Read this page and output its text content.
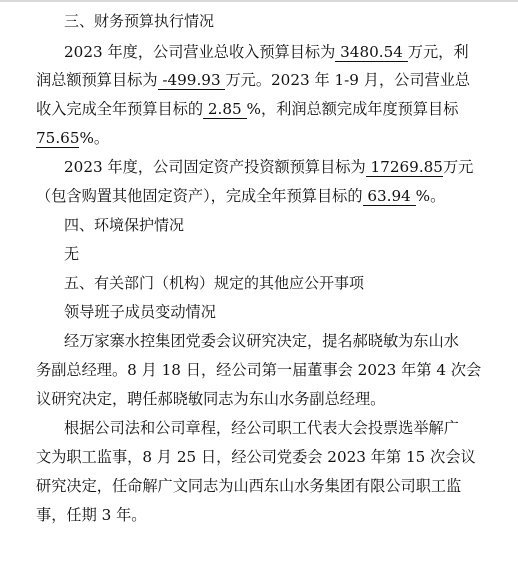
三、财务预算执行情况
2023 年度，公司营业总收入预算目标为 3480.54 万元，利
润总额预算目标为 -499.93 万元。2023 年 1-9 月，公司营业总
收入完成全年预算目标的 2.85 %，利润总额完成年度预算目标
75.65%。
2023 年度，公司固定资产投资额预算目标为 17269.85万元
（包含购置其他固定资产），完成全年预算目标的 63.94 %。
四、环境保护情况
无
五、有关部门（机构）规定的其他应公开事项
领导班子成员变动情况
经万家寨水控集团党委会议研究决定，提名郝晓敏为东山水
务副总经理。8 月 18 日，经公司第一届董事会 2023 年第 4 次会
议研究决定，聘任郝晓敏同志为东山水务副总经理。
根据公司法和公司章程，经公司职工代表大会投票选举解广
文为职工监事，8 月 25 日，经公司党委会 2023 年第 15 次会议
研究决定，任命解广文同志为山西东山水务集团有限公司职工监
事，任期 3 年。
